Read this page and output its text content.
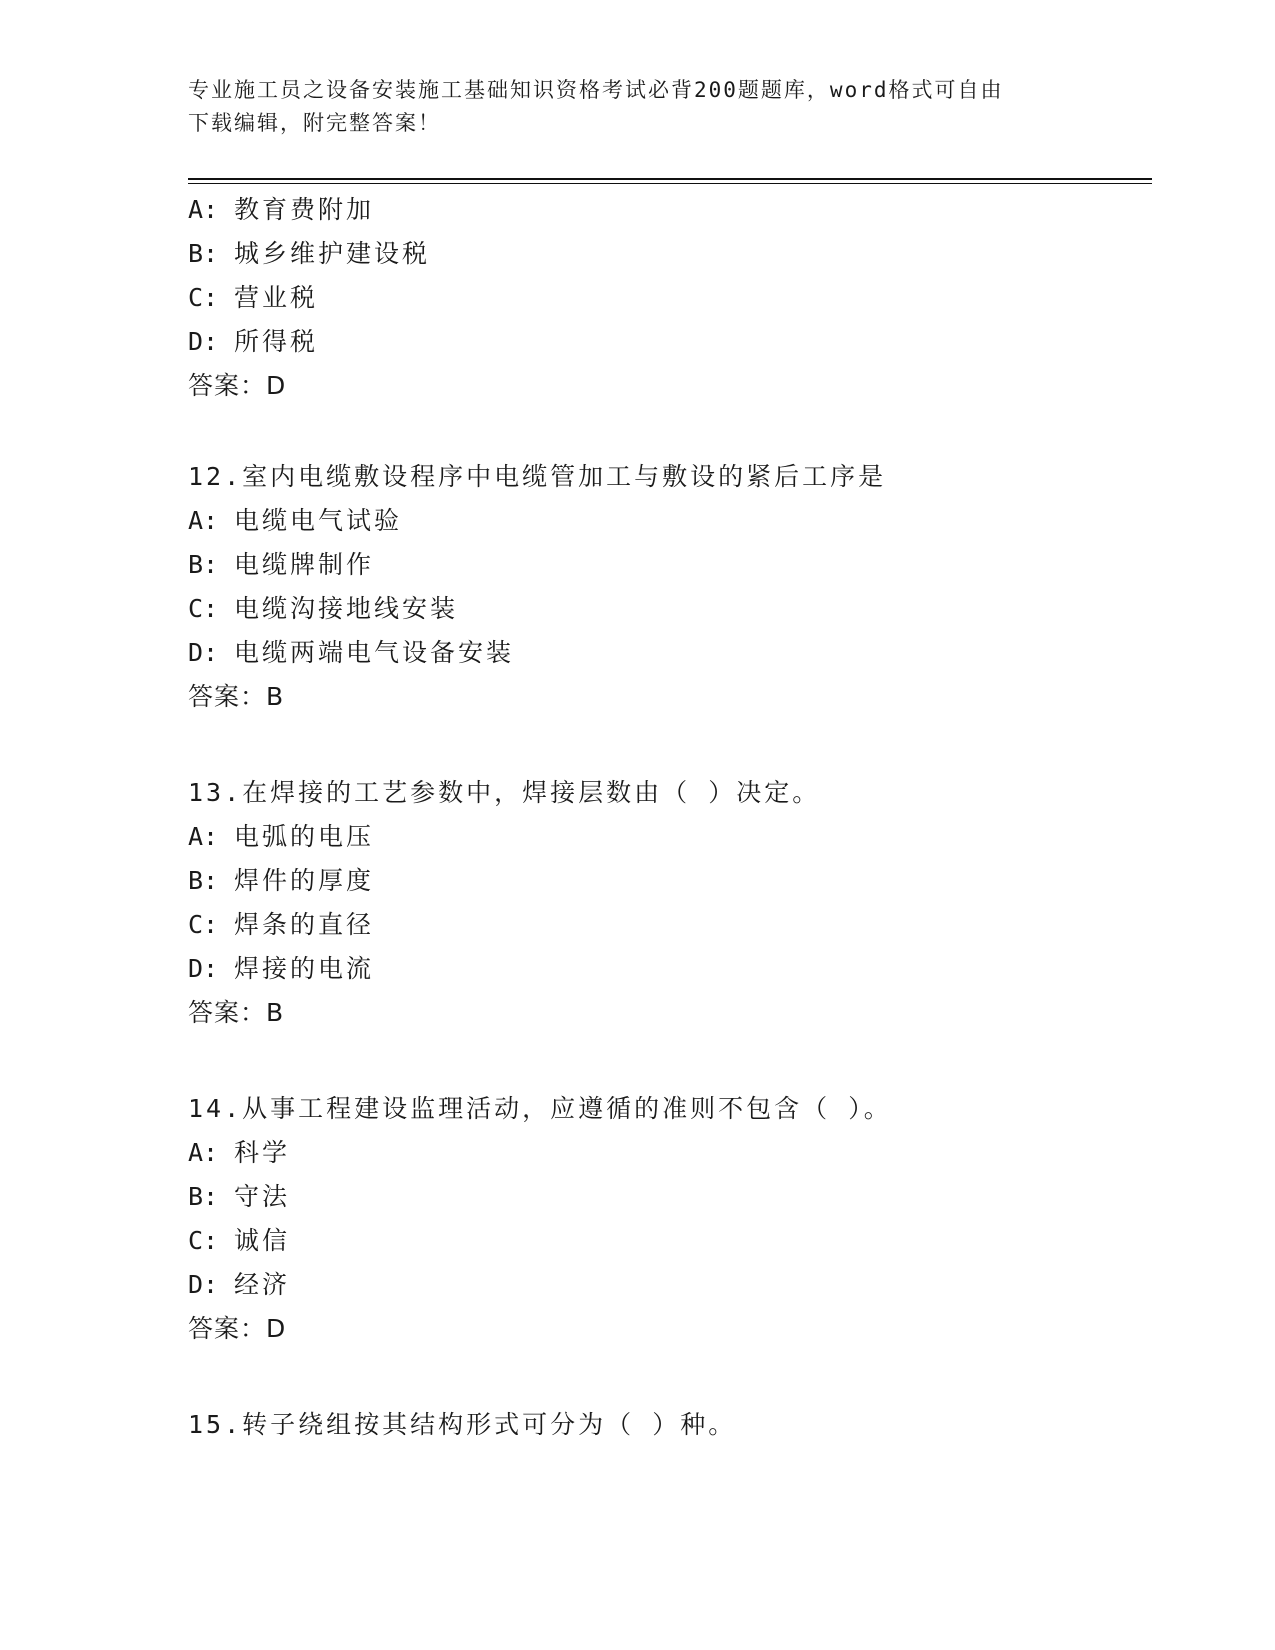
专业施工员之设备安装施工基础知识资格考试必背200题题库，word格式可自由
下载编辑，附完整答案！
A: 教育费附加
B: 城乡维护建设税
C: 营业税
D: 所得税
答案：D
12.室内电缆敷设程序中电缆管加工与敷设的紧后工序是
A: 电缆电气试验
B: 电缆牌制作
C: 电缆沟接地线安装
D: 电缆两端电气设备安装
答案：B
13.在焊接的工艺参数中，焊接层数由（ ）决定。
A: 电弧的电压
B: 焊件的厚度
C: 焊条的直径
D: 焊接的电流
答案：B
14.从事工程建设监理活动，应遵循的准则不包含（ ）。
A: 科学
B: 守法
C: 诚信
D: 经济
答案：D
15.转子绕组按其结构形式可分为（ ）种。
